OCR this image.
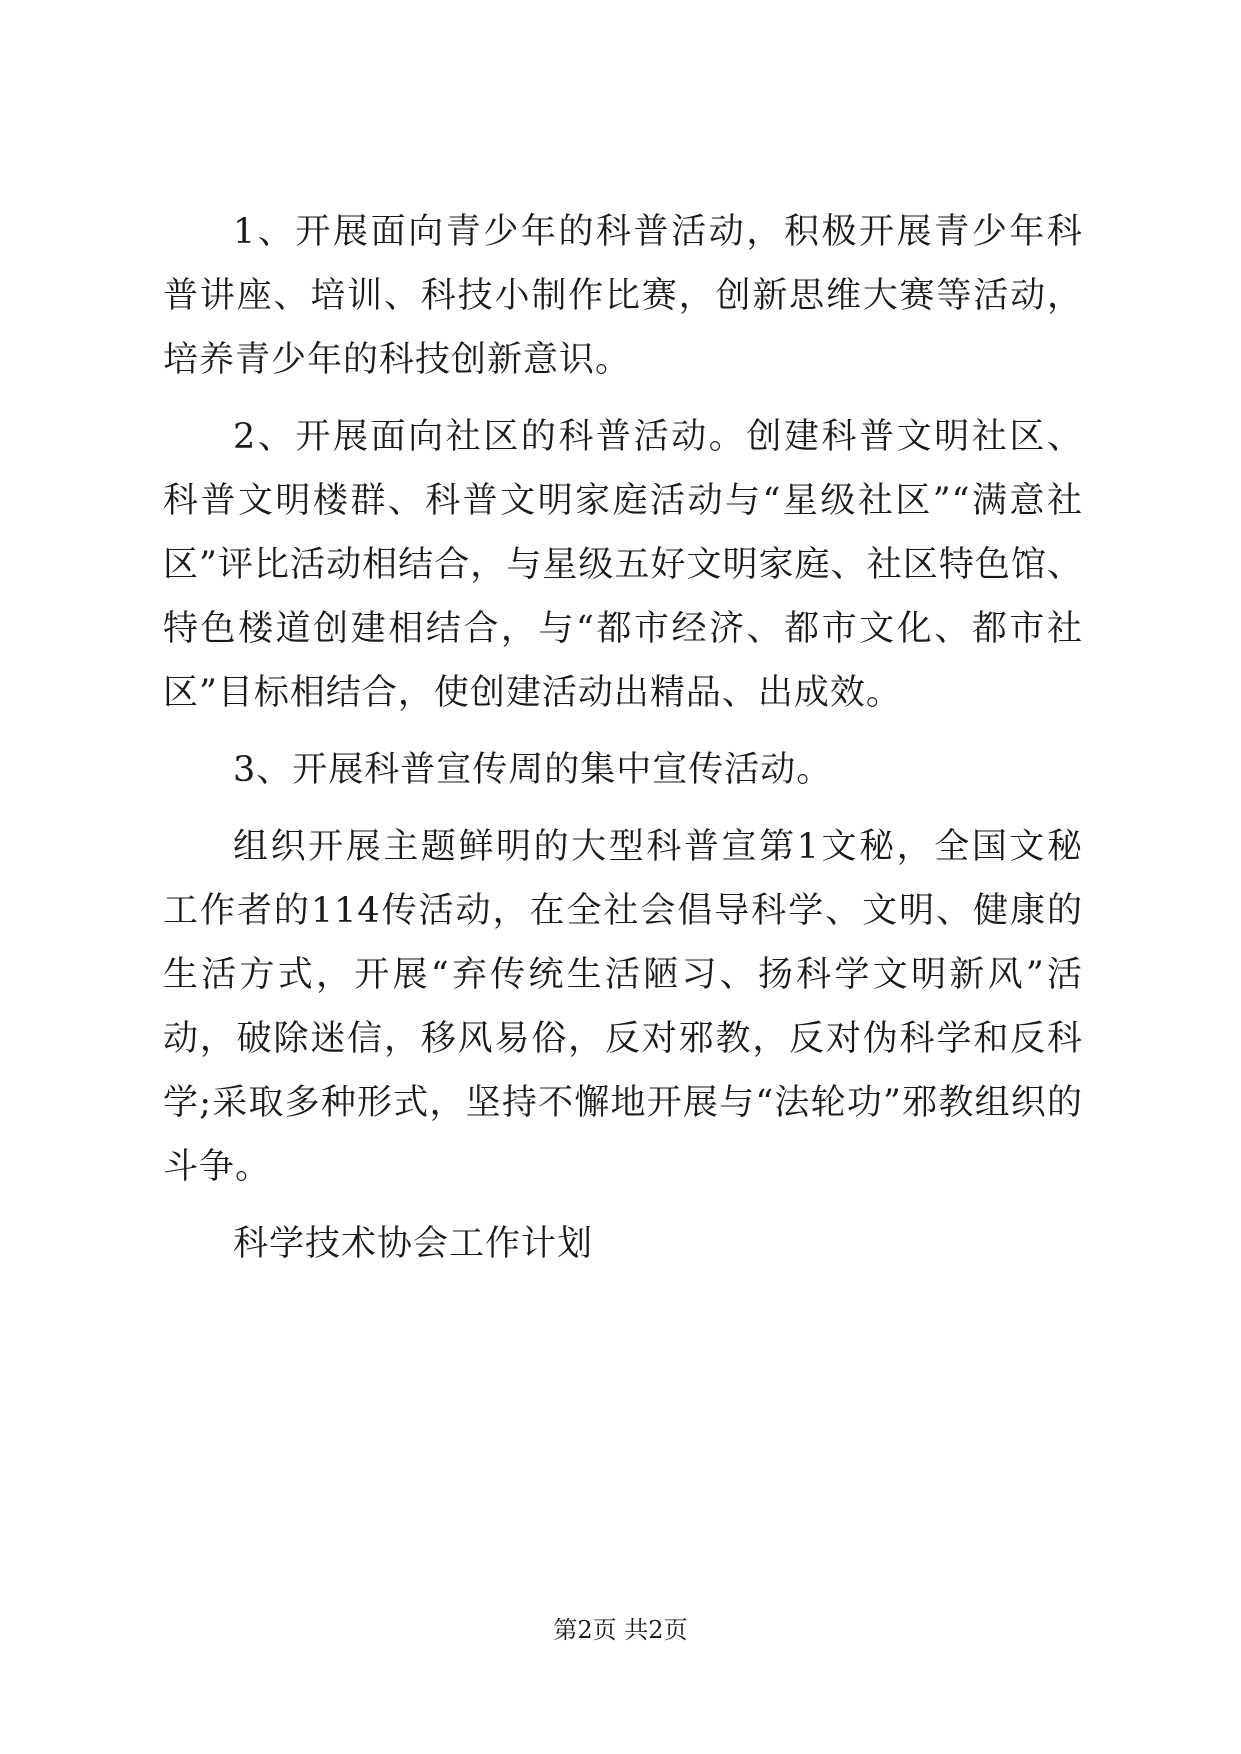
1、开展面向青少年的科普活动，积极开展青少年科普讲座、培训、科技小制作比赛，创新思维大赛等活动，培养青少年的科技创新意识。

2、开展面向社区的科普活动。创建科普文明社区、科普文明楼群、科普文明家庭活动与“星级社区”“满意社区”评比活动相结合，与星级五好文明家庭、社区特色馆、特色楼道创建相结合，与“都市经济、都市文化、都市社区”目标相结合，使创建活动出精品、出成效。

3、开展科普宣传周的集中宣传活动。

组织开展主题鲜明的大型科普宣第1文秘，全国文秘工作者的114传活动，在全社会倡导科学、文明、健康的生活方式，开展“弃传统生活陋习、扬科学文明新风”活动，破除迷信，移风易俗，反对邪教，反对伪科学和反科学;采取多种形式，坚持不懈地开展与“法轮功”邪教组织的斗争。

科学技术协会工作计划

第2页 共2页
